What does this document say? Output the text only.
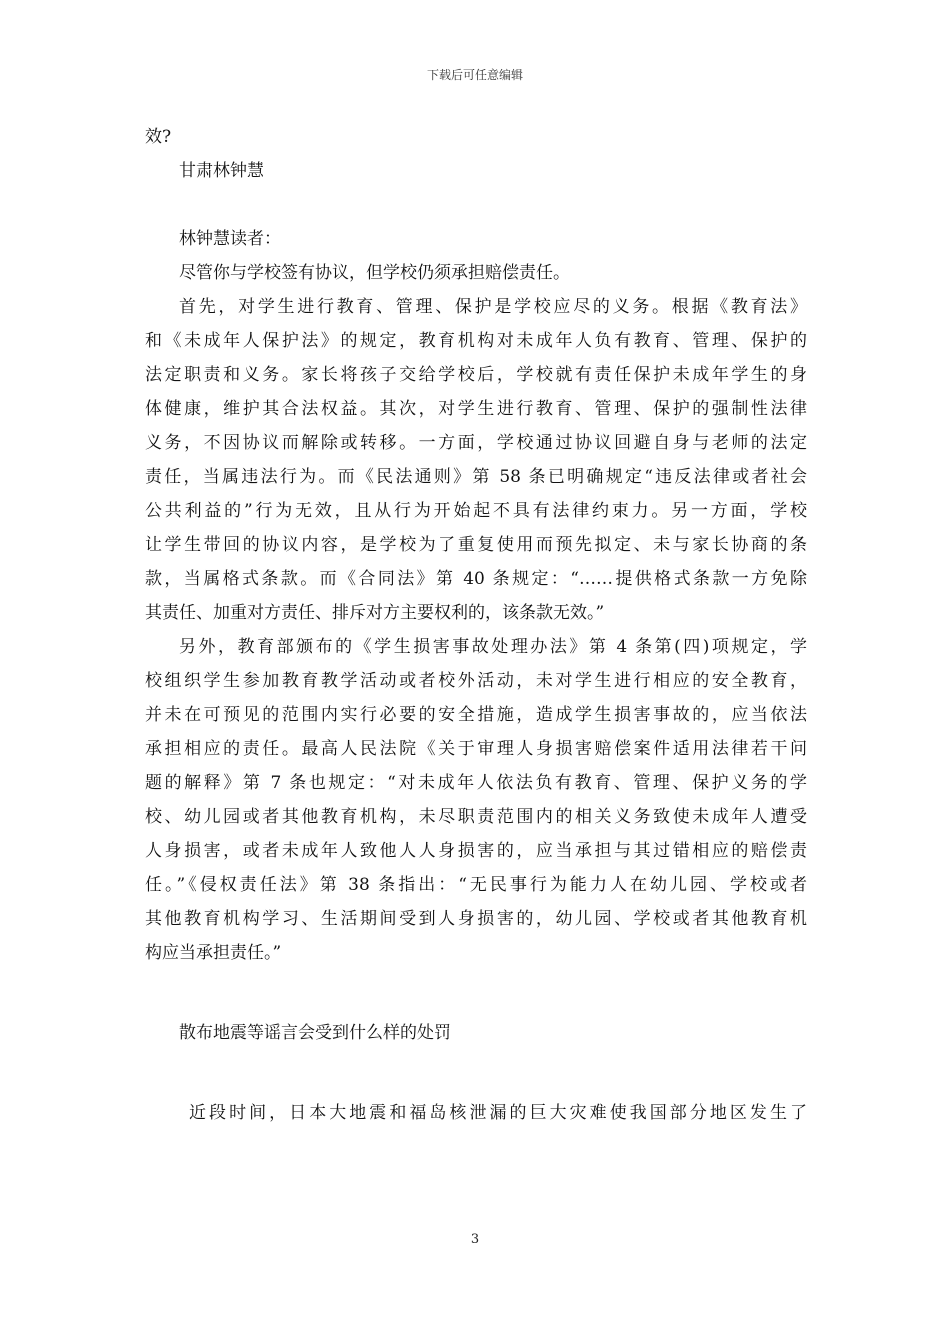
下载后可任意编辑
效?
甘肃林钟慧
林钟慧读者：
尽管你与学校签有协议，但学校仍须承担赔偿责任。
首先，对学生进行教育、管理、保护是学校应尽的义务。根据《教育法》
和《未成年人保护法》的规定，教育机构对未成年人负有教育、管理、保护的
法定职责和义务。家长将孩子交给学校后，学校就有责任保护未成年学生的身
体健康，维护其合法权益。其次，对学生进行教育、管理、保护的强制性法律
义务，不因协议而解除或转移。一方面，学校通过协议回避自身与老师的法定
责任，当属违法行为。而《民法通则》第 58 条已明确规定“违反法律或者社会
公共利益的”行为无效，且从行为开始起不具有法律约束力。另一方面，学校
让学生带回的协议内容，是学校为了重复使用而预先拟定、未与家长协商的条
款，当属格式条款。而《合同法》第 40 条规定：“……提供格式条款一方免除
其责任、加重对方责任、排斥对方主要权利的，该条款无效。”
另外，教育部颁布的《学生损害事故处理办法》第 4 条第(四)项规定，学
校组织学生参加教育教学活动或者校外活动，未对学生进行相应的安全教育，
并未在可预见的范围内实行必要的安全措施，造成学生损害事故的，应当依法
承担相应的责任。最高人民法院《关于审理人身损害赔偿案件适用法律若干问
题的解释》第 7 条也规定：“对未成年人依法负有教育、管理、保护义务的学
校、幼儿园或者其他教育机构，未尽职责范围内的相关义务致使未成年人遭受
人身损害，或者未成年人致他人人身损害的，应当承担与其过错相应的赔偿责
任。”《侵权责任法》第 38 条指出：“无民事行为能力人在幼儿园、学校或者
其他教育机构学习、生活期间受到人身损害的，幼儿园、学校或者其他教育机
构应当承担责任。”
散布地震等谣言会受到什么样的处罚
近段时间，日本大地震和福岛核泄漏的巨大灾难使我国部分地区发生了
3
